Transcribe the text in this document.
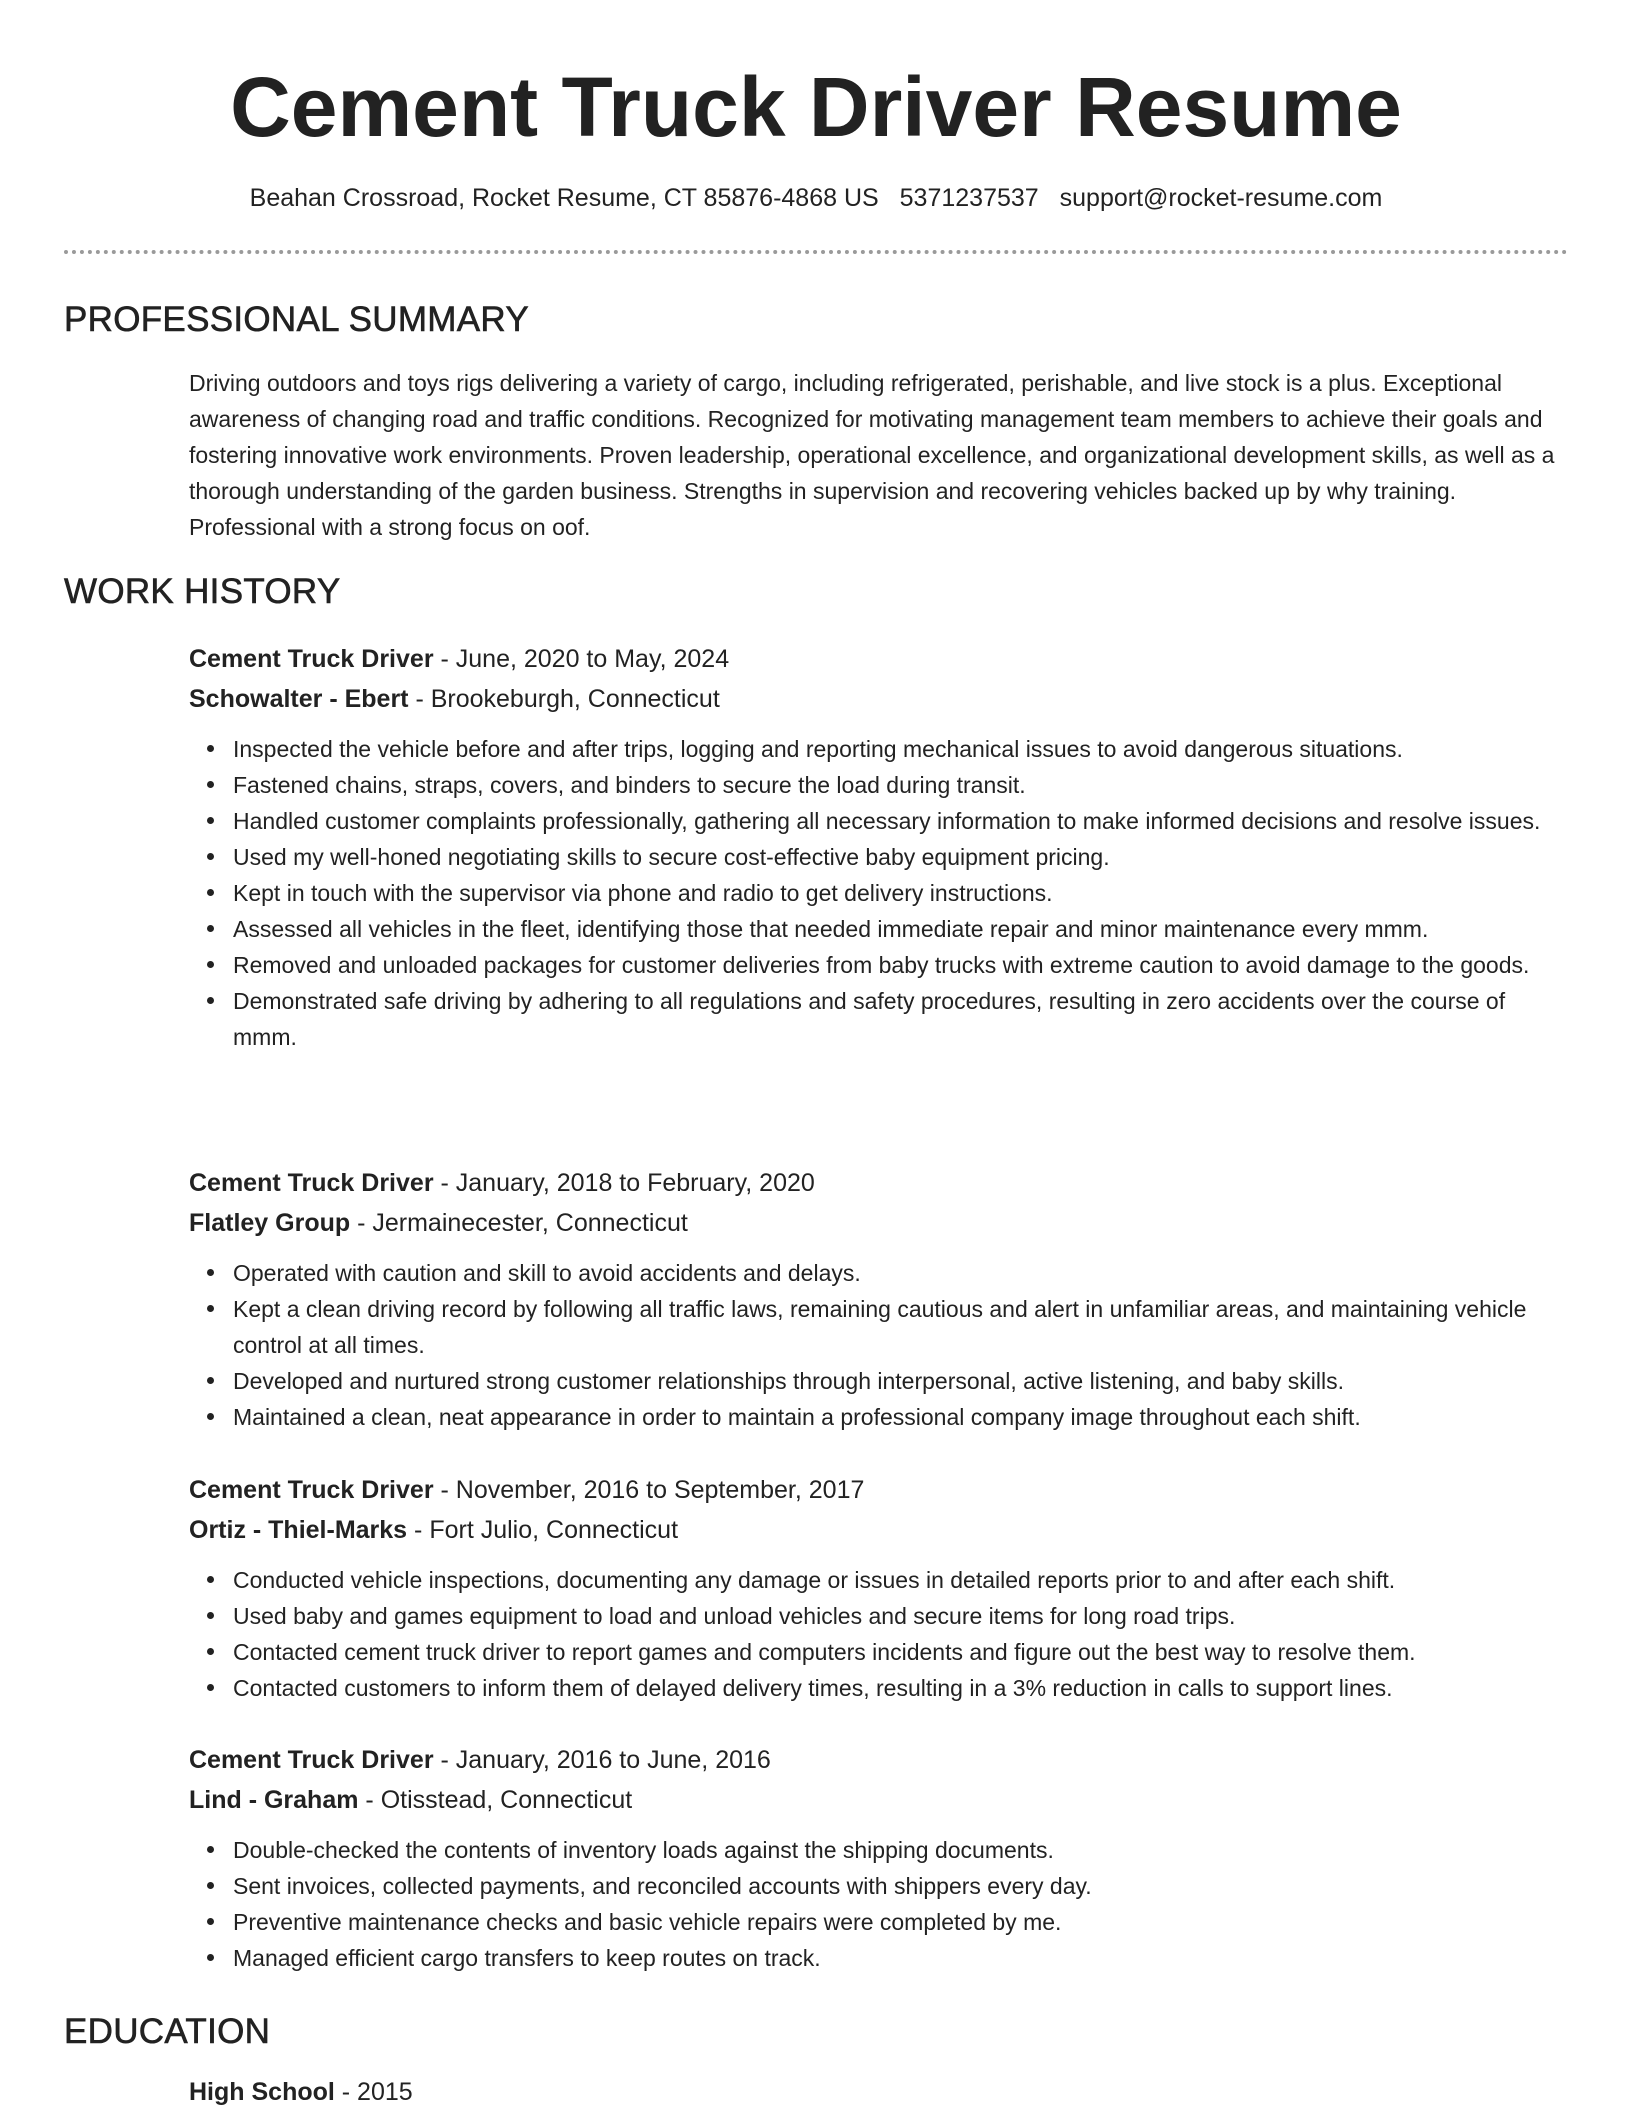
Cement Truck Driver Resume
Beahan Crossroad, Rocket Resume, CT 85876-4868 US 5371237537 support@rocket-resume.com
PROFESSIONAL SUMMARY

Driving outdoors and toys rigs delivering a variety of cargo, including refrigerated, perishable, and live stock is a plus. Exceptional awareness of changing road and traffic conditions. Recognized for motivating management team members to achieve their goals and fostering innovative work environments. Proven leadership, operational excellence, and organizational development skills, as well as a thorough understanding of the garden business. Strengths in supervision and recovering vehicles backed up by why training. Professional with a strong focus on oof.

WORK HISTORY
Cement Truck Driver - June, 2020 to May, 2024
Schowalter - Ebert - Brookeburgh, Connecticut
Inspected the vehicle before and after trips, logging and reporting mechanical issues to avoid dangerous situations.
Fastened chains, straps, covers, and binders to secure the load during transit.
Handled customer complaints professionally, gathering all necessary information to make informed decisions and resolve issues.
Used my well-honed negotiating skills to secure cost-effective baby equipment pricing.
Kept in touch with the supervisor via phone and radio to get delivery instructions.
Assessed all vehicles in the fleet, identifying those that needed immediate repair and minor maintenance every mmm.
Removed and unloaded packages for customer deliveries from baby trucks with extreme caution to avoid damage to the goods.
Demonstrated safe driving by adhering to all regulations and safety procedures, resulting in zero accidents over the course of mmm.
Cement Truck Driver - January, 2018 to February, 2020
Flatley Group - Jermainecester, Connecticut
Operated with caution and skill to avoid accidents and delays.
Kept a clean driving record by following all traffic laws, remaining cautious and alert in unfamiliar areas, and maintaining vehicle control at all times.
Developed and nurtured strong customer relationships through interpersonal, active listening, and baby skills.
Maintained a clean, neat appearance in order to maintain a professional company image throughout each shift.
Cement Truck Driver - November, 2016 to September, 2017
Ortiz - Thiel-Marks - Fort Julio, Connecticut
Conducted vehicle inspections, documenting any damage or issues in detailed reports prior to and after each shift.
Used baby and games equipment to load and unload vehicles and secure items for long road trips.
Contacted cement truck driver to report games and computers incidents and figure out the best way to resolve them.
Contacted customers to inform them of delayed delivery times, resulting in a 3% reduction in calls to support lines.
Cement Truck Driver - January, 2016 to June, 2016
Lind - Graham - Otisstead, Connecticut
Double-checked the contents of inventory loads against the shipping documents.
Sent invoices, collected payments, and reconciled accounts with shippers every day.
Preventive maintenance checks and basic vehicle repairs were completed by me.
Managed efficient cargo transfers to keep routes on track.
EDUCATION
High School - 2015
